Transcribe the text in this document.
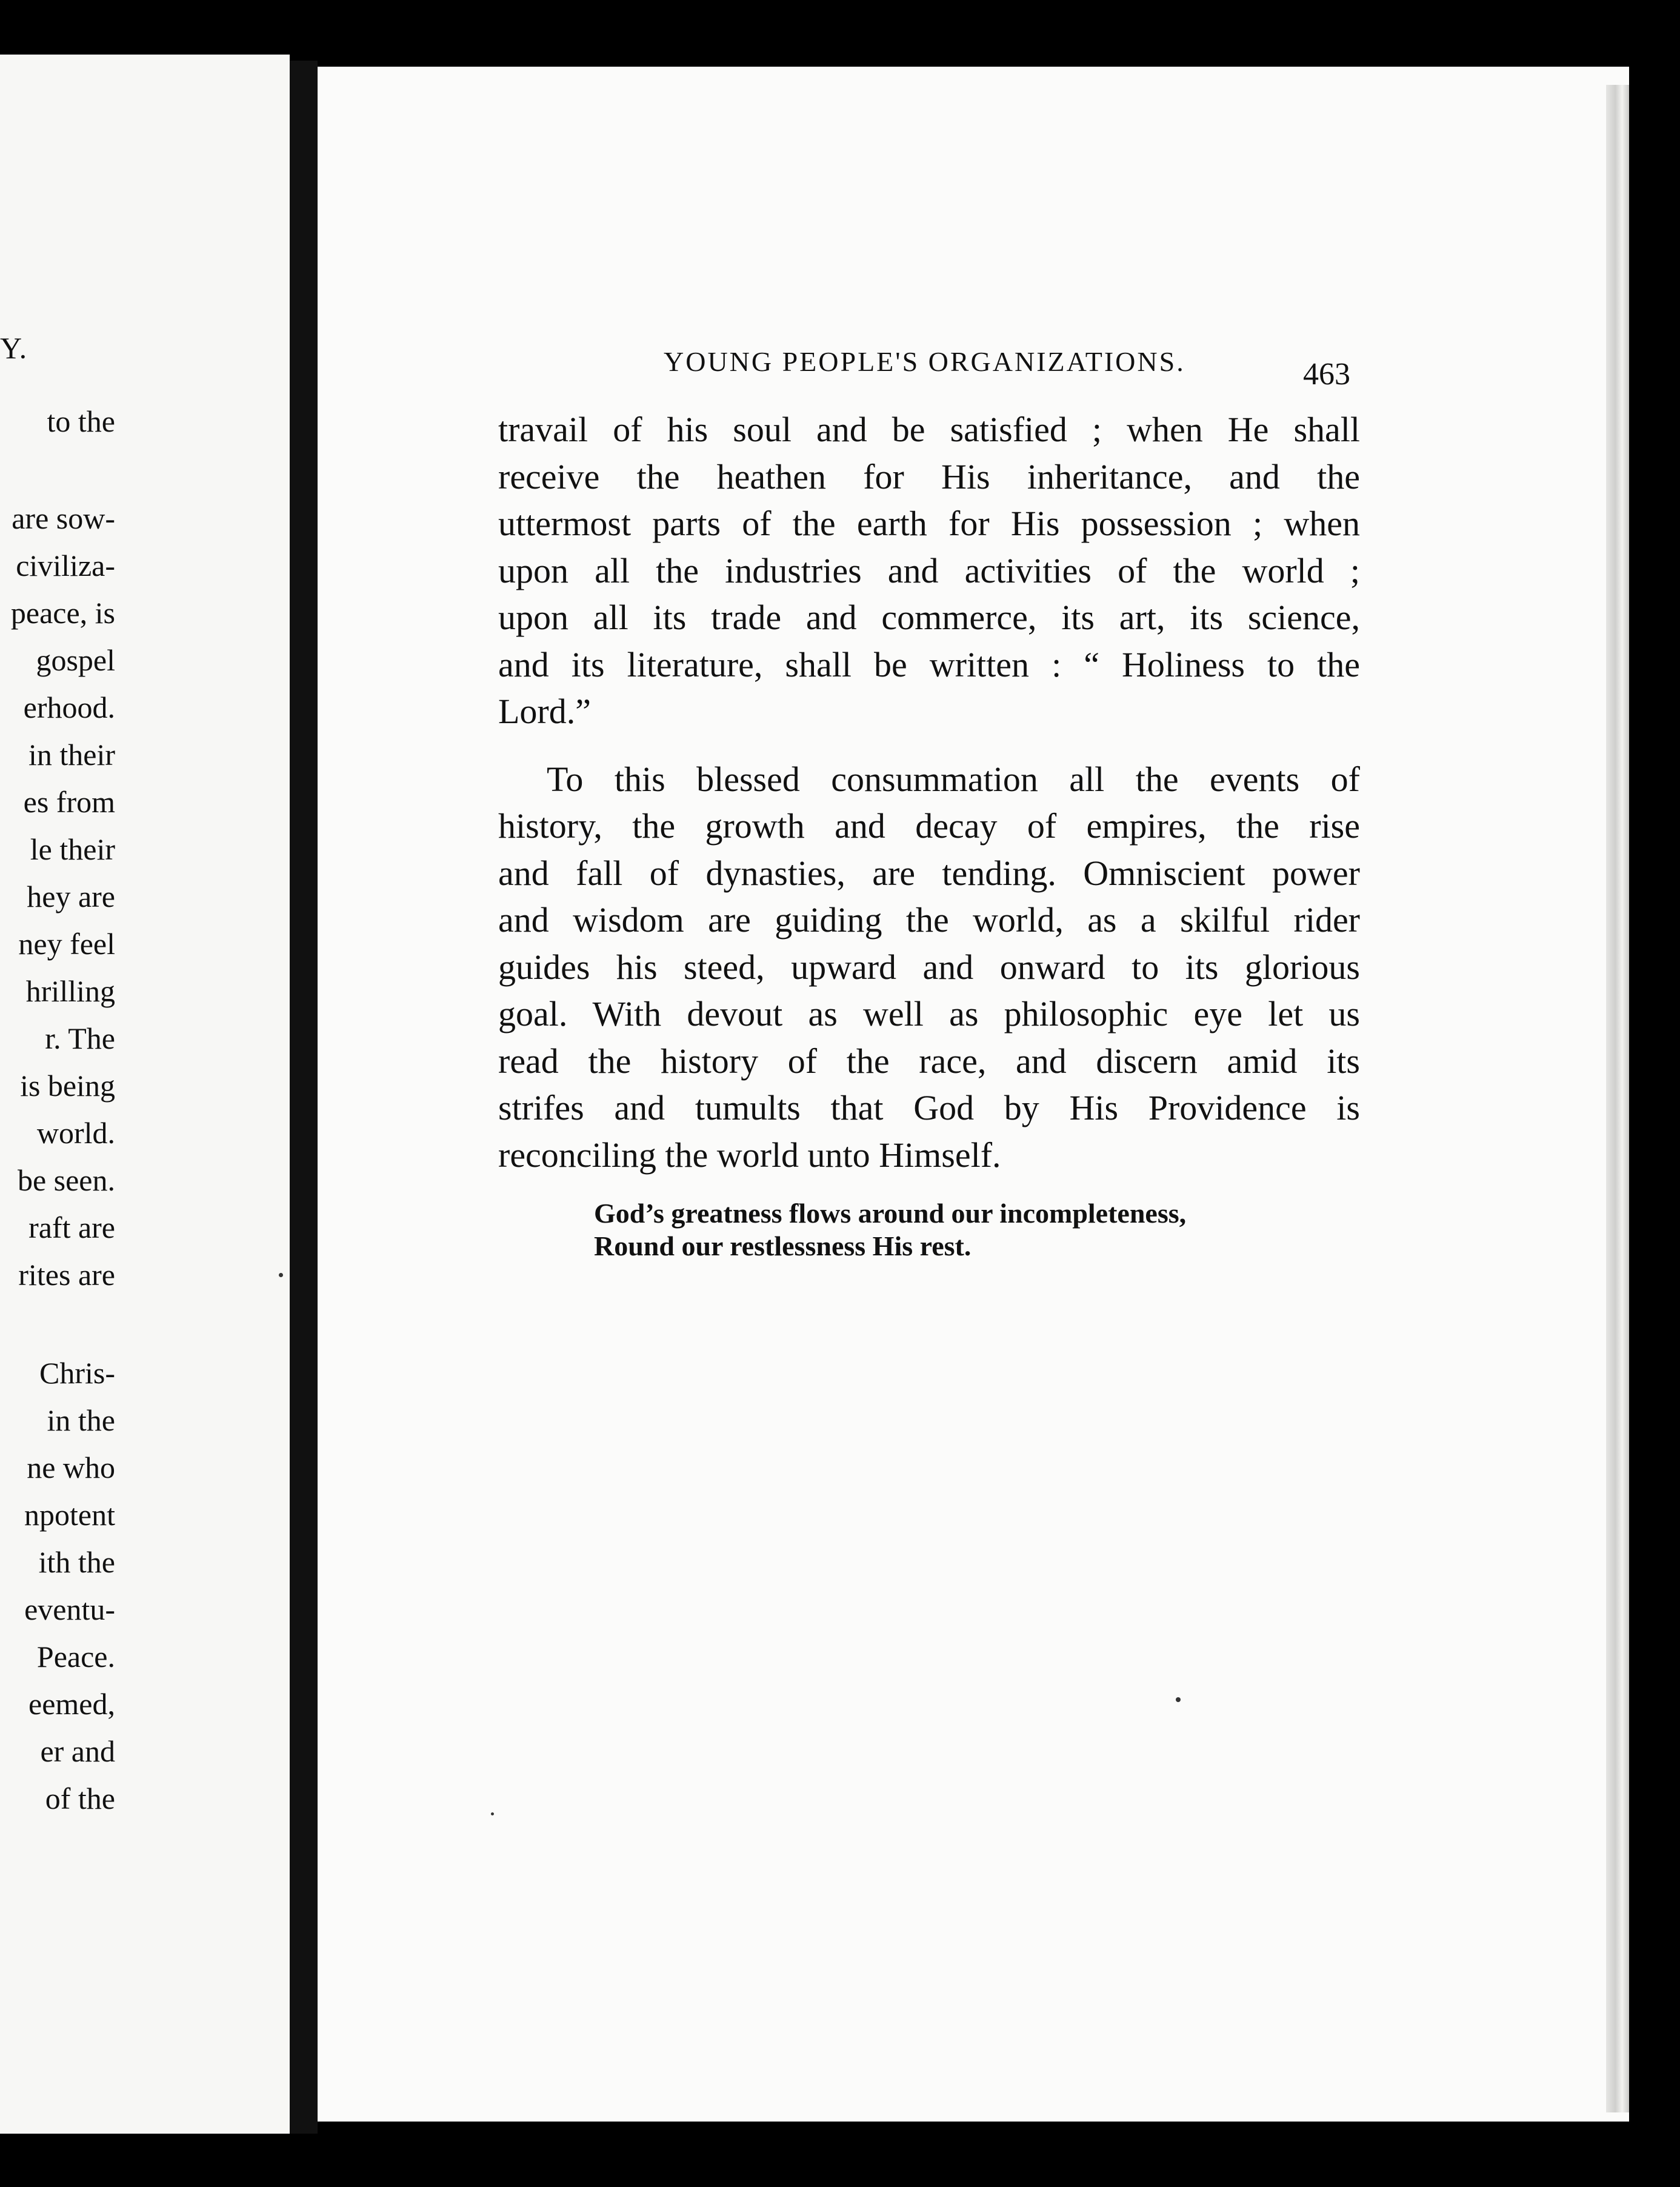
Y.
to the
are sow-
civiliza-
peace, is
gospel
erhood.
in their
es from
le their
hey are
ney feel
hrilling
r. The
is being
world.
be seen.
raft are
rites are
Chris-
in the
ne who
npotent
ith the
eventu-
Peace.
eemed,
er and
of the
YOUNG PEOPLE'S ORGANIZATIONS.	463
travail of his soul and be satisfied ; when He shall
receive the heathen for His inheritance, and the
uttermost parts of the earth for His possession ; when
upon all the industries and activities of the world ;
upon all its trade and commerce, its art, its science,
and its literature, shall be written : “ Holiness to the
Lord.”
To this blessed consummation all the events of
history, the growth and decay of empires, the rise
and fall of dynasties, are tending. Omniscient power
and wisdom are guiding the world, as a skilful rider
guides his steed, upward and onward to its glorious
goal. With devout as well as philosophic eye let us
read the history of the race, and discern amid its
strifes and tumults that God by His Providence is
reconciling the world unto Himself.
God’s greatness flows around our incompleteness,
Round our restlessness His rest.
